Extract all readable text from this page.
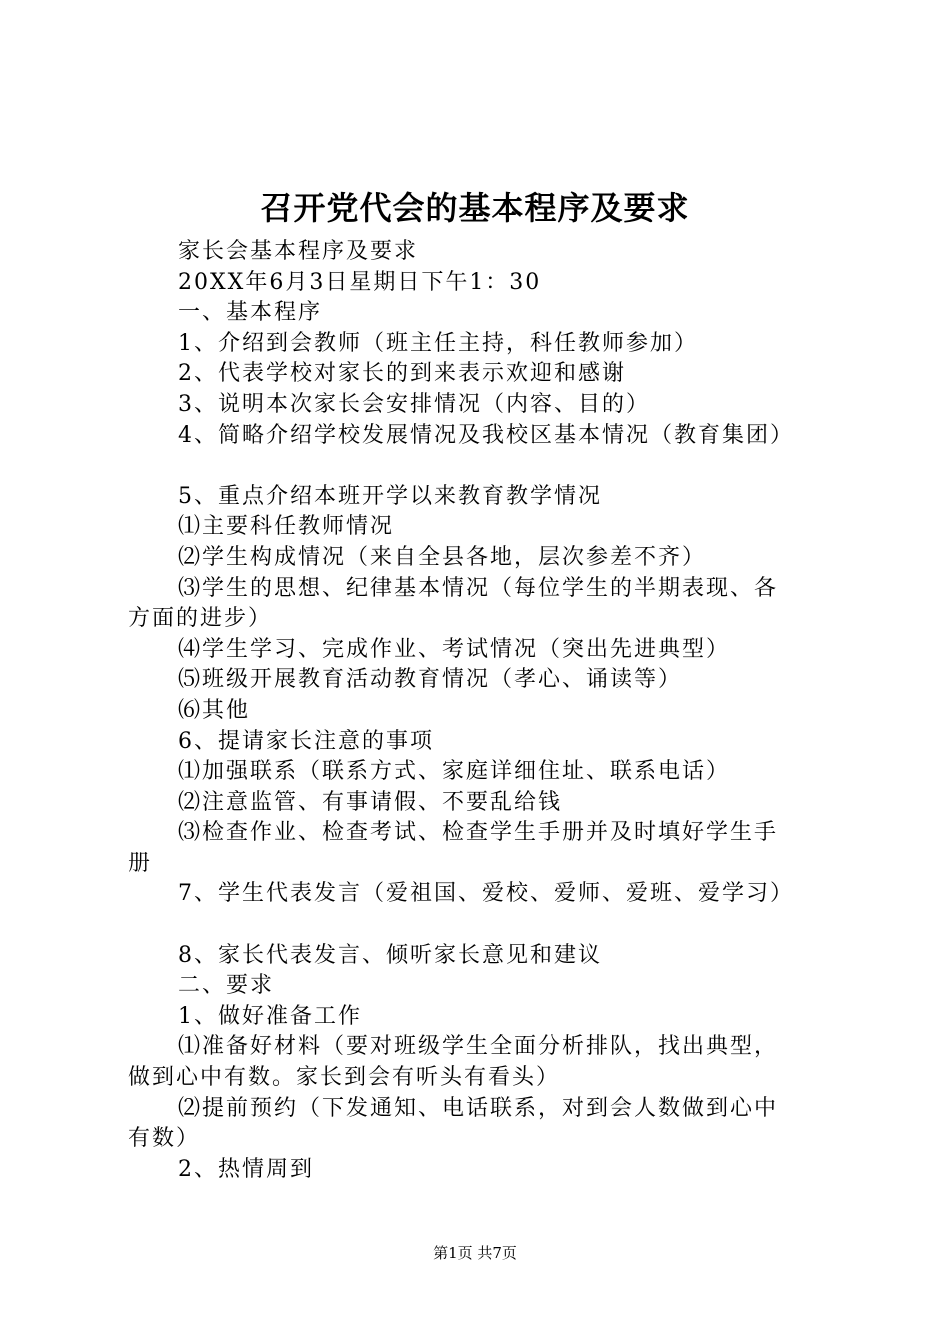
召开党代会的基本程序及要求
家长会基本程序及要求
20XX年6月3日星期日下午1：30
一、基本程序
1、介绍到会教师（班主任主持，科任教师参加）
2、代表学校对家长的到来表示欢迎和感谢
3、说明本次家长会安排情况（内容、目的）
4、简略介绍学校发展情况及我校区基本情况（教育集团）
5、重点介绍本班开学以来教育教学情况
⑴主要科任教师情况
⑵学生构成情况（来自全县各地，层次参差不齐）
⑶学生的思想、纪律基本情况（每位学生的半期表现、各
方面的进步）
⑷学生学习、完成作业、考试情况（突出先进典型）
⑸班级开展教育活动教育情况（孝心、诵读等）
⑹其他
6、提请家长注意的事项
⑴加强联系（联系方式、家庭详细住址、联系电话）
⑵注意监管、有事请假、不要乱给钱
⑶检查作业、检查考试、检查学生手册并及时填好学生手
册
7、学生代表发言（爱祖国、爱校、爱师、爱班、爱学习）
8、家长代表发言、倾听家长意见和建议
二、要求
1、做好准备工作
⑴准备好材料（要对班级学生全面分析排队，找出典型，
做到心中有数。家长到会有听头有看头）
⑵提前预约（下发通知、电话联系，对到会人数做到心中
有数）
2、热情周到
第1页 共7页
